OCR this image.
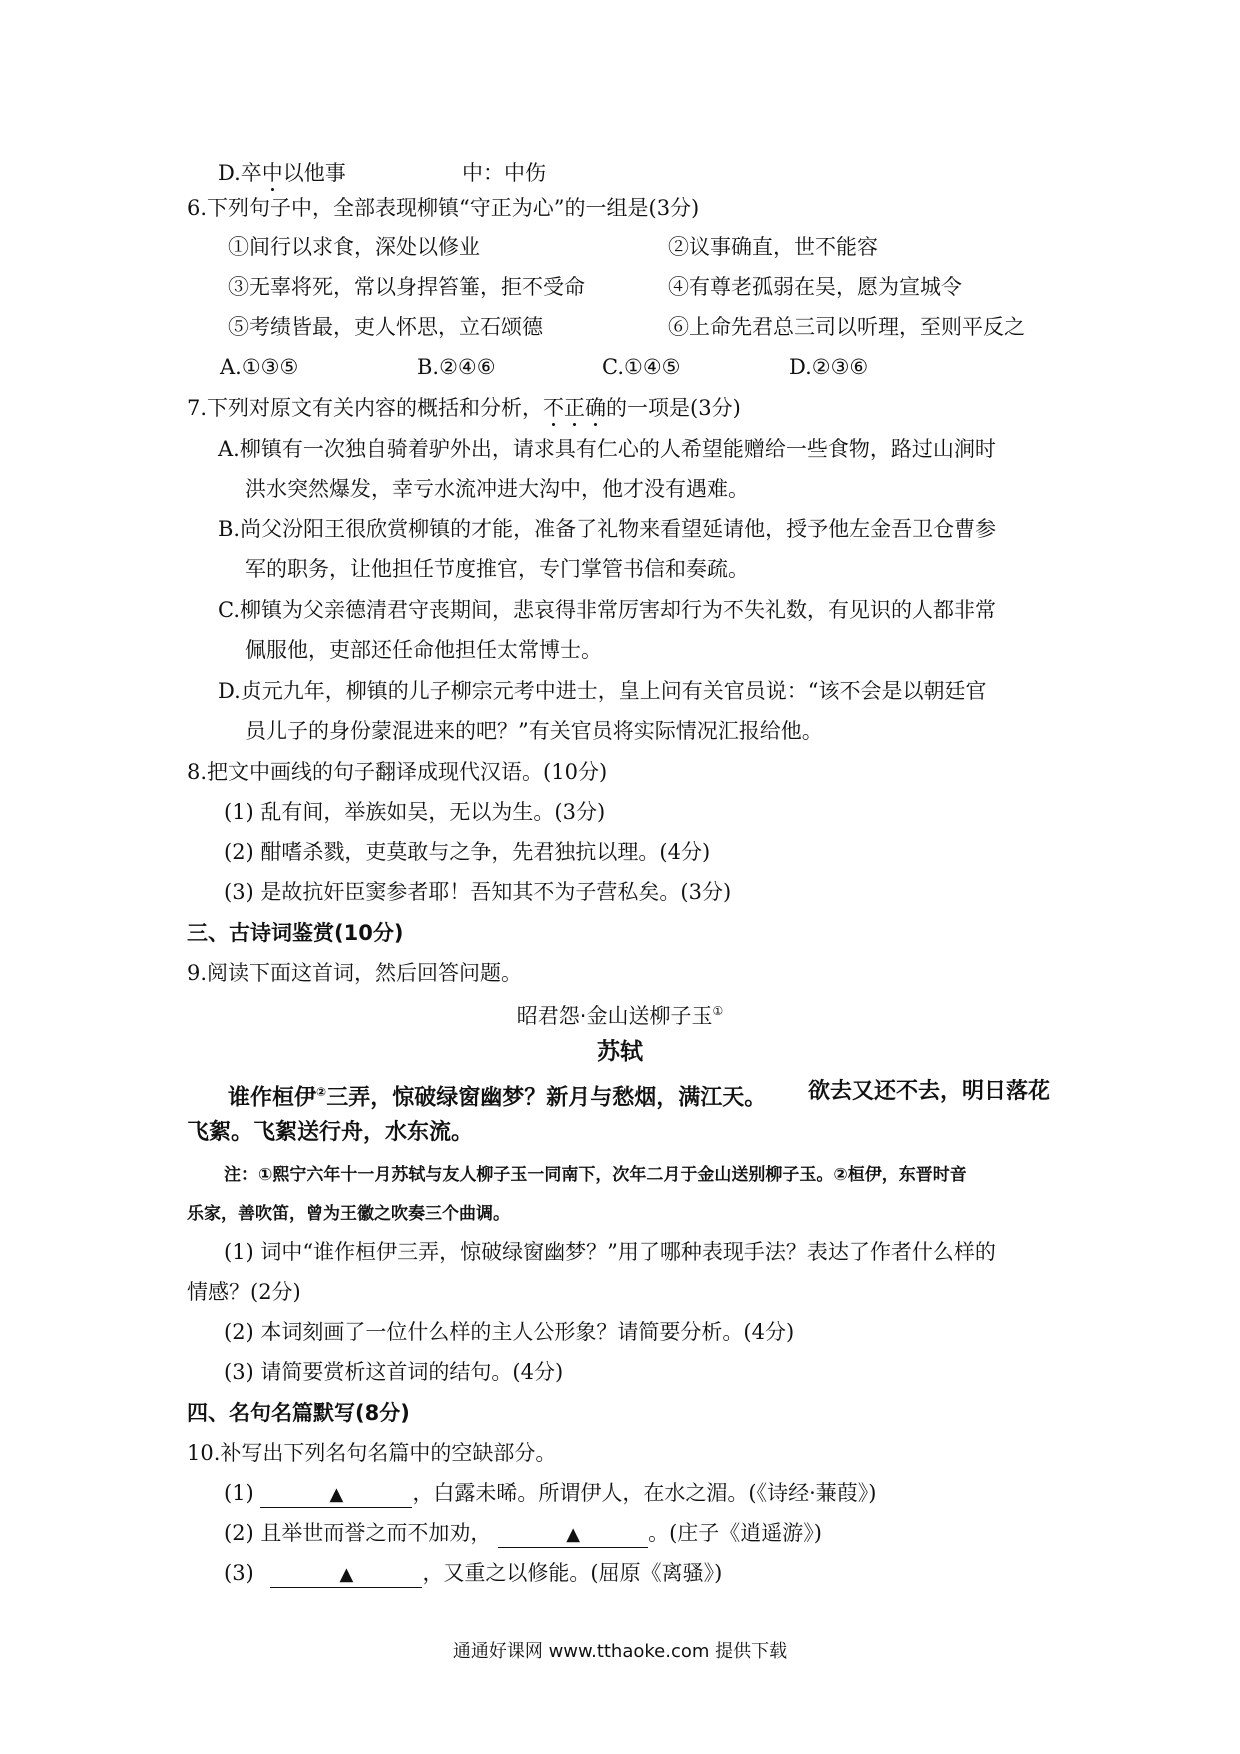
D.卒中以他事	中：中伤
6.下列句子中，全部表现柳镇“守正为心”的一组是(3分)
①间行以求食，深处以修业	②议事确直，世不能容
③无辜将死，常以身捍笞箠，拒不受命	④有尊老孤弱在吴，愿为宣城令
⑤考绩皆最，吏人怀思，立石颂德	⑥上命先君总三司以听理，至则平反之
A.①③⑤	B.②④⑥	C.①④⑤	D.②③⑥
7.下列对原文有关内容的概括和分析，不正确的一项是(3分)
A.柳镇有一次独自骑着驴外出，请求具有仁心的人希望能赠给一些食物，路过山涧时
洪水突然爆发，幸亏水流冲进大沟中，他才没有遇难。
B.尚父汾阳王很欣赏柳镇的才能，准备了礼物来看望延请他，授予他左金吾卫仓曹参
军的职务，让他担任节度推官，专门掌管书信和奏疏。
C.柳镇为父亲德清君守丧期间，悲哀得非常厉害却行为不失礼数，有见识的人都非常
佩服他，吏部还任命他担任太常博士。
D.贞元九年，柳镇的儿子柳宗元考中进士，皇上问有关官员说：“该不会是以朝廷官
员儿子的身份蒙混进来的吧？”有关官员将实际情况汇报给他。
8.把文中画线的句子翻译成现代汉语。(10分)
(1) 乱有间，举族如吴，无以为生。(3分)
(2) 酣嗜杀戮，吏莫敢与之争，先君独抗以理。(4分)
(3) 是故抗奸臣窦参者耶！吾知其不为子营私矣。(3分)
三、古诗词鉴赏(10分)
9.阅读下面这首词，然后回答问题。
昭君怨·金山送柳子玉①
苏轼
谁作桓伊②三弄，惊破绿窗幽梦？新月与愁烟，满江天。 欲去又还不去，明日落花
飞絮。飞絮送行舟，水东流。
注：①熙宁六年十一月苏轼与友人柳子玉一同南下，次年二月于金山送别柳子玉。②桓伊，东晋时音
乐家，善吹笛，曾为王徽之吹奏三个曲调。
(1) 词中“谁作桓伊三弄，惊破绿窗幽梦？”用了哪种表现手法？表达了作者什么样的
情感？(2分)
(2) 本词刻画了一位什么样的主人公形象？请简要分析。(4分)
(3) 请简要赏析这首词的结句。(4分)
四、名句名篇默写(8分)
10.补写出下列名句名篇中的空缺部分。
(1)	▲	，白露未晞。所谓伊人，在水之湄。(《诗经·蒹葭》)
(2) 且举世而誉之而不加劝，	▲	。(庄子《逍遥游》)
(3)	▲	，又重之以修能。(屈原《离骚》)
通通好课网 www.tthaoke.com 提供下载
